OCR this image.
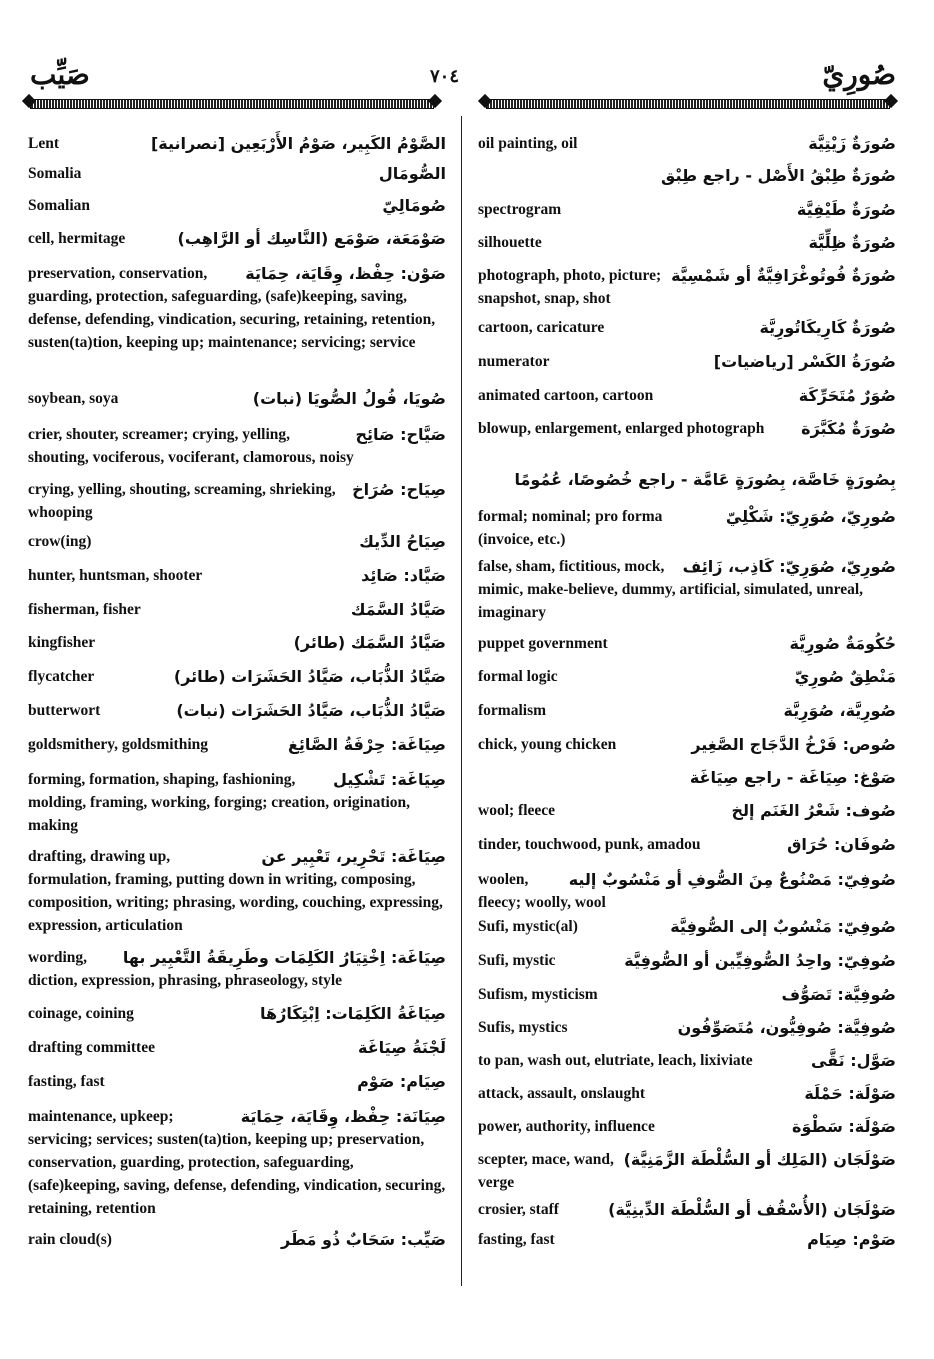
صَيِّب	٧٠٤	صُورِيّ
الصَّوْمُ الكَبِير، صَوْمُ الأَرْبَعِين [نصرانية]
Lent
الصُّومَال
Somalia
صُومَالِيّ
Somalian
صَوْمَعَة، صَوْمَع (النَّاسِك أو الرَّاهِب)
cell, hermitage
صَوْن: حِفْظ، وِقَايَة، حِمَايَة
preservation, conservation, guarding, protection, safeguarding, (safe)keeping, saving, defense, defending, vindication, securing, retaining, retention, susten(ta)tion, keeping up; maintenance; servicing; service
صُويَا، فُولُ الصُّويَا (نبات)
soybean, soya
صَيَّاح: صَائِح
crier, shouter, screamer; crying, yelling, shouting, vociferous, vociferant, clamorous, noisy
صِيَاح: صُرَاخ
crying, yelling, shouting, screaming, shrieking, whooping
صِيَاحُ الدِّيك
crow(ing)
صَيَّاد: صَائِد
hunter, huntsman, shooter
صَيَّادُ السَّمَك
fisherman, fisher
صَيَّادُ السَّمَك (طائر)
kingfisher
صَيَّادُ الذُّبَاب، صَيَّادُ الحَشَرَات (طائر)
flycatcher
صَيَّادُ الذُّبَاب، صَيَّادُ الحَشَرَات (نبات)
butterwort
صِيَاغَة: حِرْفَةُ الصَّائِغ
goldsmithery, goldsmithing
صِيَاغَة: تَشْكِيل
forming, formation, shaping, fashioning, molding, framing, working, forging; creation, origination, making
صِيَاغَة: تَحْرِير، تَعْبِير عن
drafting, drawing up, formulation, framing, putting down in writing, composing, composition, writing; phrasing, wording, couching, expressing, expression, articulation
صِيَاغَة: اِخْتِيَارُ الكَلِمَات وطَرِيقَةُ التَّعْبِير بها
wording, diction, expression, phrasing, phraseology, style
صِيَاغَةُ الكَلِمَات: اِبْتِكَارُهَا
coinage, coining
لَجْنَةُ صِيَاغَة
drafting committee
صِيَام: صَوْم
fasting, fast
صِيَانَة: حِفْظ، وِقَايَة، حِمَايَة
maintenance, upkeep; servicing; services; susten(ta)tion, keeping up; preservation, conservation, guarding, protection, safeguarding, (safe)keeping, saving, defense, defending, vindication, securing, retaining, retention
صَيِّب: سَحَابٌ ذُو مَطَر
rain cloud(s)
صُورَةٌ زَيْتِيَّة
oil painting, oil
صُورَةٌ طِبْقُ الأَصْل - راجع طِبْق
صُورَةٌ طَيْفِيَّة
spectrogram
صُورَةٌ ظِلِّيَّة
silhouette
صُورَةٌ فُوتُوغْرَافِيَّةٌ أو شَمْسِيَّة
photograph, photo, picture; snapshot, snap, shot
صُورَةٌ كَارِيكَاتُورِيَّة
cartoon, caricature
صُورَةُ الكَسْر [رياضيات]
numerator
صُوَرٌ مُتَحَرِّكَة
animated cartoon, cartoon
صُورَةٌ مُكَبَّرَة
blowup, enlargement, enlarged photograph
بِصُورَةٍ خَاصَّة، بِصُورَةٍ عَامَّة - راجع خُصُوصًا، عُمُومًا
صُورِيّ، صُوَرِيّ: شَكْلِيّ
formal; nominal; pro forma (invoice, etc.)
صُورِيّ، صُوَرِيّ: كَاذِب، زَائِف
false, sham, fictitious, mock, mimic, make-believe, dummy, artificial, simulated, unreal, imaginary
حُكُومَةٌ صُورِيَّة
puppet government
مَنْطِقٌ صُورِيّ
formal logic
صُورِيَّة، صُوَرِيَّة
formalism
صُوص: فَرْخُ الدَّجَاج الصَّغِير
chick, young chicken
صَوْغ: صِيَاغَة - راجع صِيَاغَة
صُوف: شَعْرُ الغَنَم إلخ
wool; fleece
صُوفَان: حُرَاق
tinder, touchwood, punk, amadou
صُوفِيّ: مَصْنُوعٌ مِنَ الصُّوفِ أو مَنْسُوبٌ إليه
woolen, fleecy; woolly, wool
صُوفِيّ: مَنْسُوبٌ إلى الصُّوفِيَّة
Sufi, mystic(al)
صُوفِيّ: واحِدُ الصُّوفِيِّين أو الصُّوفِيَّة
Sufi, mystic
صُوفِيَّة: تَصَوُّف
Sufism, mysticism
صُوفِيَّة: صُوفِيُّون، مُتَصَوِّفُون
Sufis, mystics
صَوَّل: نَقَّى
to pan, wash out, elutriate, leach, lixiviate
صَوْلَة: حَمْلَة
attack, assault, onslaught
صَوْلَة: سَطْوَة
power, authority, influence
صَوْلَجَان (المَلِك أو السُّلْطَة الزَّمَنِيَّة)
scepter, mace, wand, verge
صَوْلَجَان (الأُسْقُف أو السُّلْطَة الدِّينِيَّة)
crosier, staff
صَوْم: صِيَام
fasting, fast
